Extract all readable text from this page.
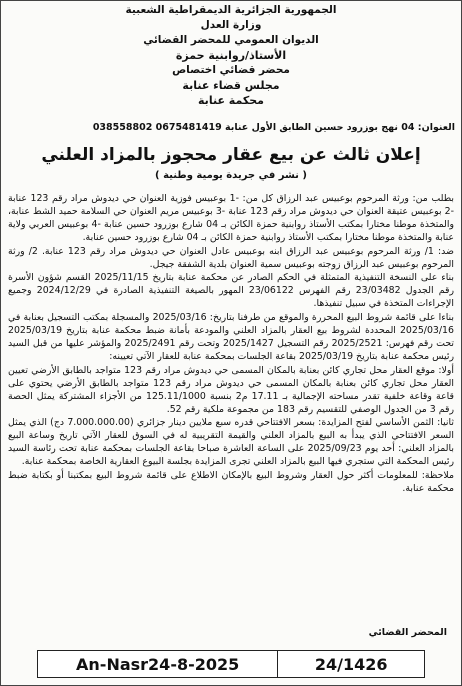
الجمهورية الجزائرية الديمقراطية الشعبية
وزارة العدل
الديوان العمومي للمحضر القضائي
الأستاذ/روابنية حمزة
محضر قضائي اختصاص
مجلس قضاء عنابة
محكمة عنابة
العنوان: 04 نهج بوزرود حسين الطابق الأول عنابة 038558802 0675481419
إعلان ثالث عن بيع عقار محجوز بالمزاد العلني
( نشر في جريدة يومية وطنية )

بطلب من: ورثة المرحوم بوعبيس عبد الرزاق كل من: -1 بوعبيس فوزية العنوان حي ديدوش مراد رقم 123 عنابة -2 بوعبيس عتيقة العنوان حي ديدوش مراد رقم 123 عنابة -3 بوعبيس مريم العنوان حي السلامة حميد الشط عنابة، والمتخذة موطنا مختارا بمكتب الأستاذ روابنية حمزة الكائن بـ 04 شارع بوزرود حسين عنابة -4 بوعبيس العربي ولاية عنابة والمتخذة موطنا مختارا بمكتب الأستاذ روابنية حمزة الكائن بـ 04 شارع بوزرود حسين عنابة.

ضد: 1/ ورثة المرحوم بوعبيس عبد الرزاق ابنه بوعبيس عادل العنوان حي ديدوش مراد رقم 123 عنابة. 2/ ورثة المرحوم بوعبيس عبد الرزاق زوجته بوعبيس سمية العنوان بلدية الشفقة جيجل.

بناء على النسخة التنفيذية المتمثلة في الحكم الصادر عن محكمة عنابة بتاريخ 2025/11/15 القسم شؤون الأسرة رقم الجدول 23/03482 رقم الفهرس 23/06122 المهور بالصيغة التنفيذية الصادرة في 2024/12/29 وجميع الإجراءات المتخذة في سبيل تنفيذها.

بناءا على قائمة شروط البيع المحررة والموقع من طرفنا بتاريخ: 2025/03/16 والمسجلة بمكتب التسجيل بعنابة في 2025/03/16 المحددة لشروط بيع العقار بالمزاد العلني والمودعة بأمانة ضبط محكمة عنابة بتاريخ 2025/03/19 تحت رقم فهرس: 2025/2521 رقم التسجيل 2025/1427 وتحت رقم 2025/2491 والمؤشر عليها من قبل السيد رئيس محكمة عنابة بتاريخ 2025/03/19 بقاعة الجلسات بمحكمة عنابة للعقار الآتي تعيينه:

أولا: موقع العقار محل تجاري كائن بعنابة بالمكان المسمى حي ديدوش مراد رقم 123 متواجد بالطابق الأرضي تعيين العقار محل تجاري كائن بعنابة بالمكان المسمى حي ديدوش مراد رقم 123 متواجد بالطابق الأرضي يحتوي على قاعة وقاعة خلفية تقدر مساحته الإجمالية بـ 17.11 م2 بنسبة 125.11/1000 من الأجزاء المشتركة يمثل الحصة رقم 3 من الجدول الوصفي للتقسيم رقم 183 من مجموعة ملكية رقم 52.

ثانيا: الثمن الأساسي لفتح المزايدة: بسعر الافتتاحي قدره سبع ملايين دينار جزائري (7.000.000.00 دج) الذي يمثل السعر الافتتاحي الذي يبدأ به البيع بالمزاد العلني والقيمة التقريبية له في السوق للعقار الآتي تاريخ وساعة البيع بالمزاد العلني: أحد يوم 2025/09/23 على الساعة العاشرة صباحا بقاعة الجلسات بمحكمة عنابة تحت رئاسة السيد رئيس المحكمة التي ستجري فيها البيع بالمزاد العلني تجرى المزايدة بجلسة البيوع العقارية الخاصة بمحكمة عنابة.

ملاحظة: للمعلومات أكثر حول العقار وشروط البيع بالإمكان الاطلاع على قائمة شروط البيع بمكتبنا أو بكتابة ضبط محكمة عنابة.

المحضر القضائي
An-Nasr24-8-2025	24/1426
